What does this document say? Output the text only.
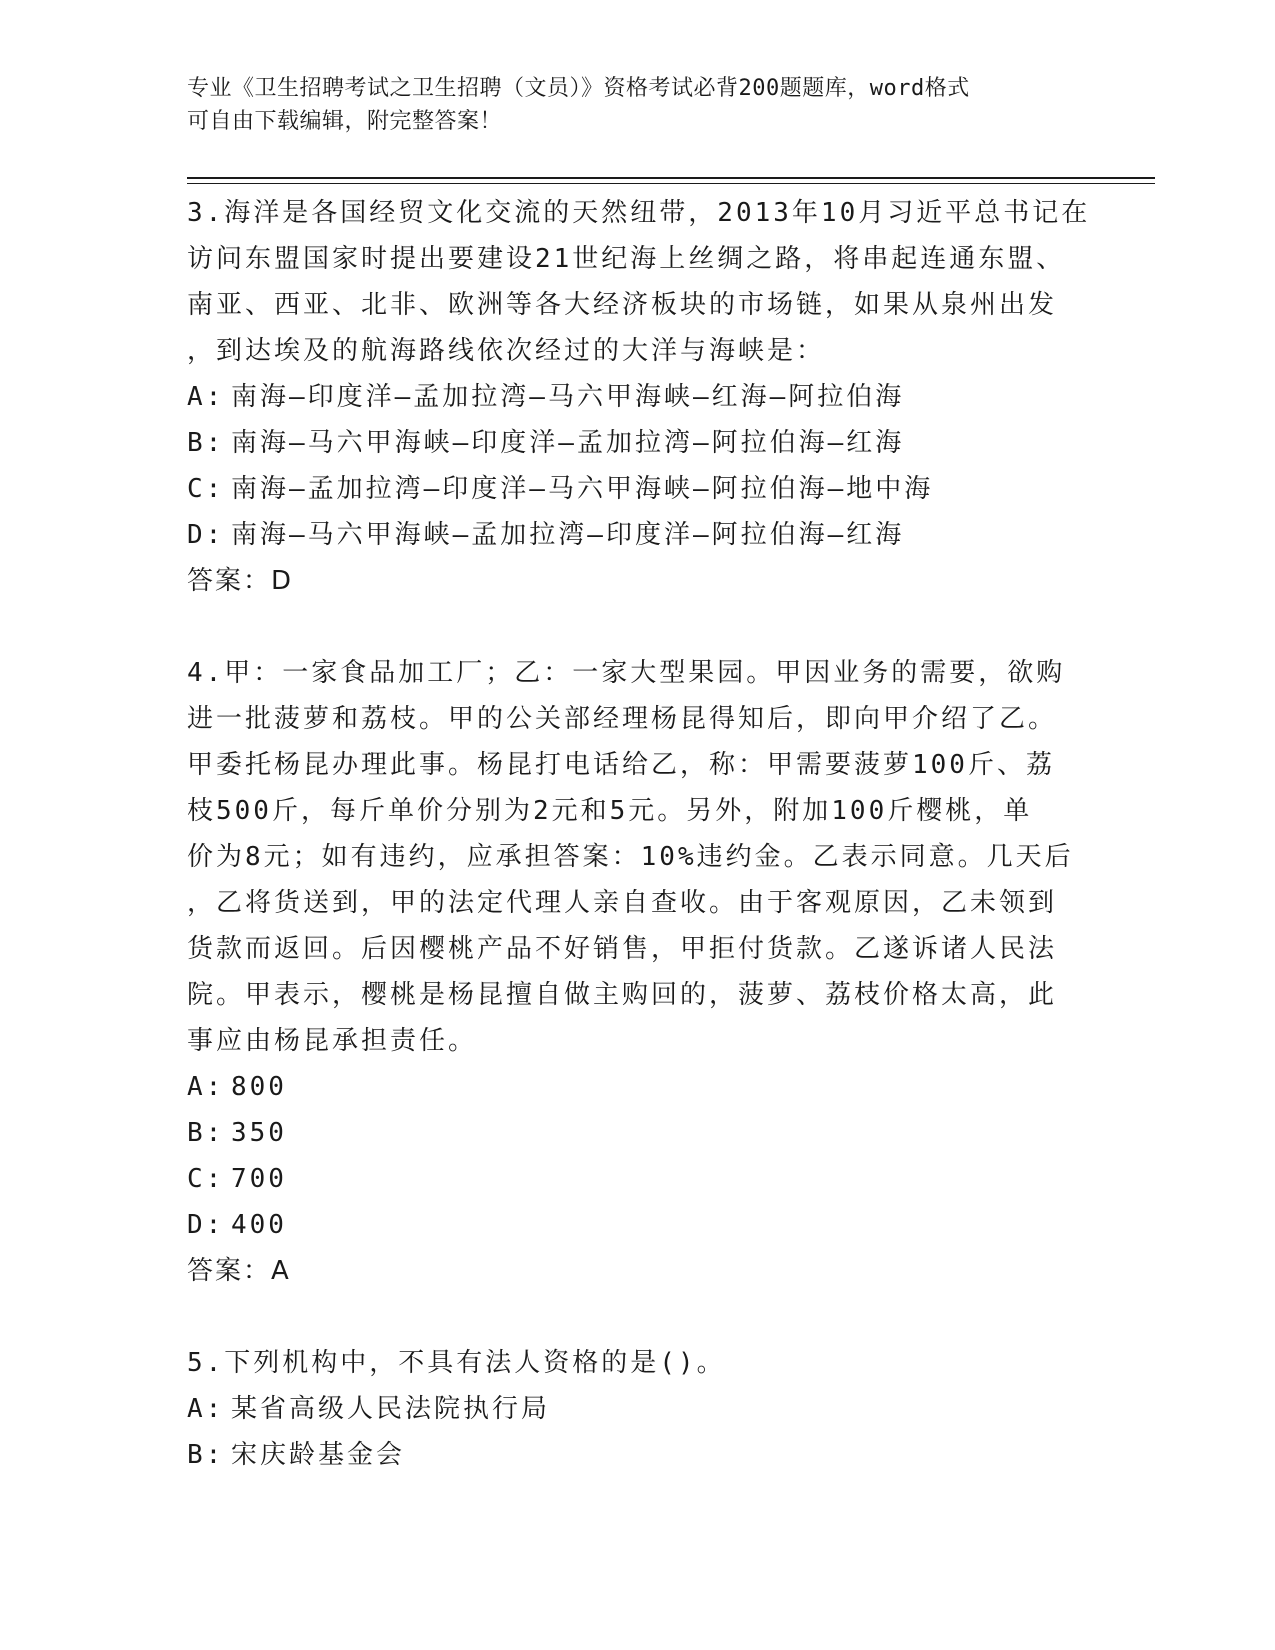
专业《卫生招聘考试之卫生招聘（文员）》资格考试必背200题题库，word格式

可自由下载编辑，附完整答案！

3.海洋是各国经贸文化交流的天然纽带，2013年10月习近平总书记在
访问东盟国家时提出要建设21世纪海上丝绸之路，将串起连通东盟、
南亚、西亚、北非、欧洲等各大经济板块的市场链，如果从泉州出发
，到达埃及的航海路线依次经过的大洋与海峡是：
A: 南海—印度洋—孟加拉湾—马六甲海峡—红海—阿拉伯海
B: 南海—马六甲海峡—印度洋—孟加拉湾—阿拉伯海—红海
C: 南海—孟加拉湾—印度洋—马六甲海峡—阿拉伯海—地中海
D: 南海—马六甲海峡—孟加拉湾—印度洋—阿拉伯海—红海
答案：D
4.甲：一家食品加工厂；乙：一家大型果园。甲因业务的需要，欲购
进一批菠萝和荔枝。甲的公关部经理杨昆得知后，即向甲介绍了乙。
甲委托杨昆办理此事。杨昆打电话给乙，称：甲需要菠萝100斤、荔
枝500斤，每斤单价分别为2元和5元。另外，附加100斤樱桃，单
价为8元；如有违约，应承担答案：10%违约金。乙表示同意。几天后
，乙将货送到，甲的法定代理人亲自查收。由于客观原因，乙未领到
货款而返回。后因樱桃产品不好销售，甲拒付货款。乙遂诉诸人民法
院。甲表示，樱桃是杨昆擅自做主购回的，菠萝、荔枝价格太高，此
事应由杨昆承担责任。
A: 800
B: 350
C: 700
D: 400
答案：A
5.下列机构中，不具有法人资格的是()。
A: 某省高级人民法院执行局
B: 宋庆龄基金会
